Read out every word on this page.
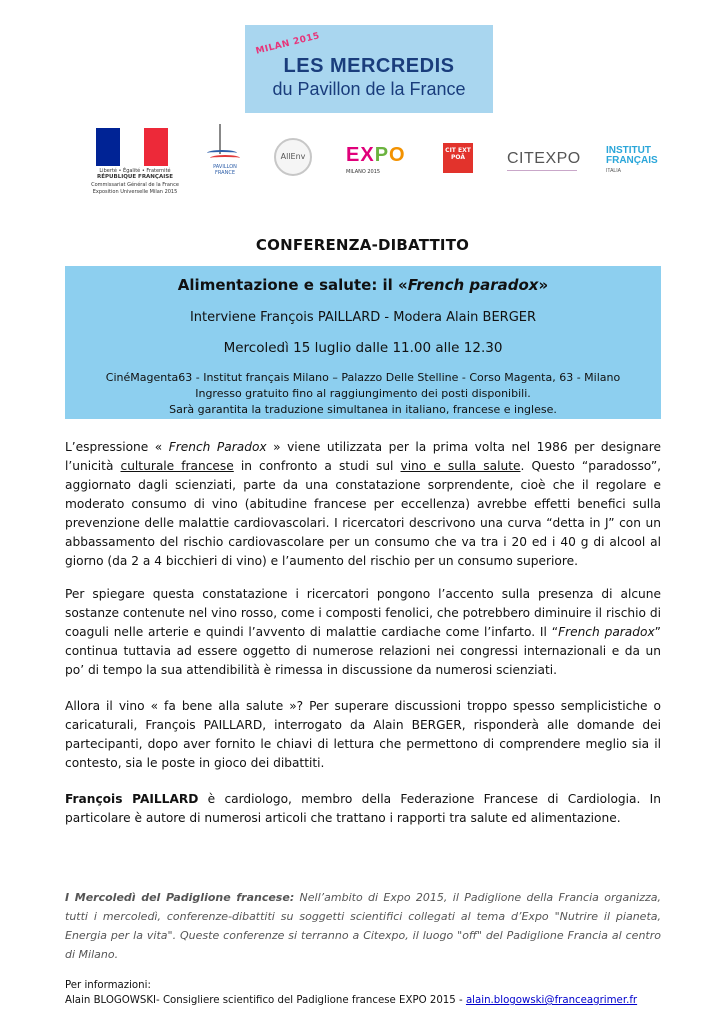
MILAN 2015
LES MERCREDIS
du Pavillon de la France
Liberté • Égalité • Fraternité
RÉPUBLIQUE FRANÇAISE
Commissariat Général de la France
Exposition Universelle Milan 2015
PAVILLON FRANCE
AllEnv	EXPO
MILANO 2015
CIT EXT POÂ	CITEXPO	INSTITUT
FRANÇAIS
ITALIA
CONFERENZA-DIBATTITO
Alimentazione e salute: il «French paradox»
Interviene François PAILLARD - Modera Alain BERGER
Mercoledì 15 luglio dalle 11.00 alle 12.30
CinéMagenta63 - Institut français Milano – Palazzo Delle Stelline - Corso Magenta, 63 - Milano
Ingresso gratuito fino al raggiungimento dei posti disponibili.
Sarà garantita la traduzione simultanea in italiano, francese e inglese.

L’espressione « French Paradox » viene utilizzata per la prima volta nel 1986 per designare l’unicità culturale francese in confronto a studi sul vino e sulla salute. Questo “paradosso”, aggiornato dagli scienziati, parte da una constatazione sorprendente, cioè che il regolare e moderato consumo di vino (abitudine francese per eccellenza) avrebbe effetti benefici sulla prevenzione delle malattie cardiovascolari. I ricercatori descrivono una curva “detta in J” con un abbassamento del rischio cardiovascolare per un consumo che va tra i 20 ed i 40 g di alcool al giorno (da 2 a 4 bicchieri di vino) e l’aumento del rischio per un consumo superiore.

Per spiegare questa constatazione i ricercatori pongono l’accento sulla presenza di alcune sostanze contenute nel vino rosso, come i composti fenolici, che potrebbero diminuire il rischio di coaguli nelle arterie e quindi l’avvento di malattie cardiache come l’infarto. Il “French paradox” continua tuttavia ad essere oggetto di numerose relazioni nei congressi internazionali e da un po’ di tempo la sua attendibilità è rimessa in discussione da numerosi scienziati.

Allora il vino « fa bene alla salute »? Per superare discussioni troppo spesso semplicistiche o caricaturali, François PAILLARD, interrogato da Alain BERGER, risponderà alle domande dei partecipanti, dopo aver fornito le chiavi di lettura che permettono di comprendere meglio sia il contesto, sia le poste in gioco dei dibattiti.

François PAILLARD è cardiologo, membro della Federazione Francese di Cardiologia. In particolare è autore di numerosi articoli che trattano i rapporti tra salute ed alimentazione.

I Mercoledì del Padiglione francese: Nell’ambito di Expo 2015, il Padiglione della Francia organizza, tutti i mercoledì, conferenze-dibattiti su soggetti scientifici collegati al tema d’Expo "Nutrire il pianeta, Energia per la vita". Queste conferenze si terranno a Citexpo, il luogo "off" del Padiglione Francia al centro di Milano.

Per informazioni:
Alain BLOGOWSKI- Consigliere scientifico del Padiglione francese EXPO 2015 - alain.blogowski@franceagrimer.fr
